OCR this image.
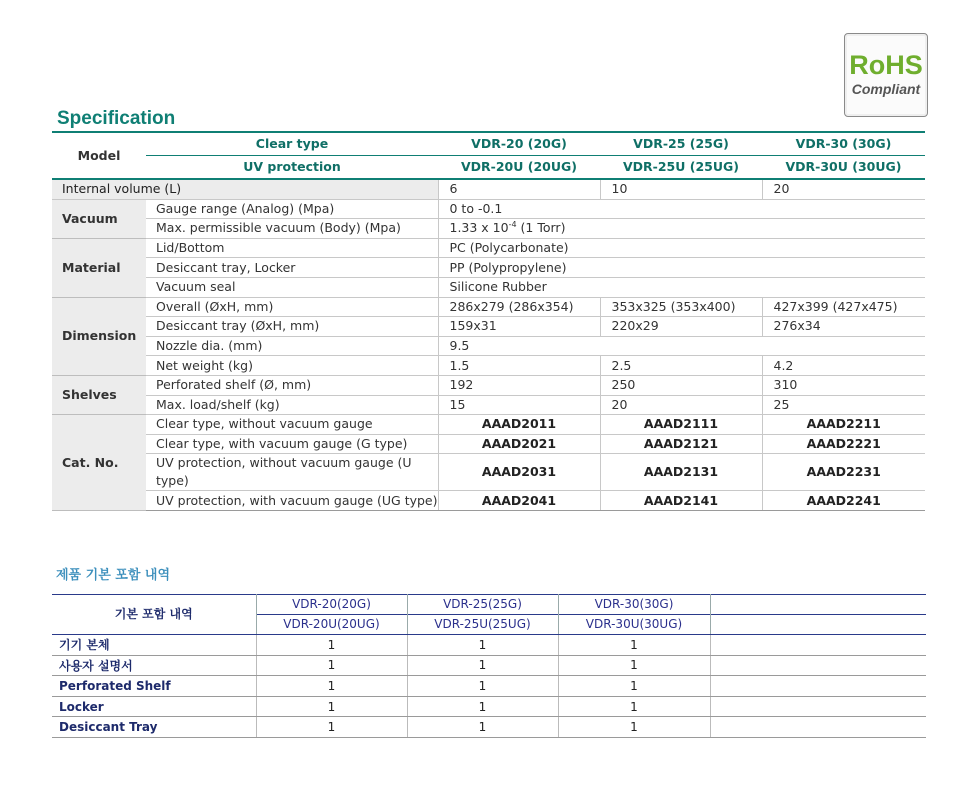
RoHS
Compliant
Specification
Model	Clear type	VDR-20 (20G)	VDR-25 (25G)	VDR-30 (30G)
	UV protection	VDR-20U (20UG)	VDR-25U (25UG)	VDR-30U (30UG)
Internal volume (L)		6	10	20
Vacuum	Gauge range (Analog) (Mpa)	0 to -0.1		
	Max. permissible vacuum (Body) (Mpa)	1.33 x $10^{-4}$ (1 Torr)		
Material	Lid/Bottom	PC (Polycarbonate)		
	Desiccant tray, Locker	PP (Polypropylene)		
	Vacuum seal	Silicone Rubber		
Dimension	Overall (ØxH, mm)	286x279 (286x354)	353x325 (353x400)	427x399 (427x475)
	Desiccant tray (ØxH, mm)	159x31	220x29	276x34
	Nozzle dia. (mm)	9.5		
	Net weight (kg)	1.5	2.5	4.2
Shelves	Perforated shelf (Ø, mm)	192	250	310
	Max. load/shelf (kg)	15	20	25
Cat. No.	Clear type, without vacuum gauge	AAAD2011	AAAD2111	AAAD2211
	Clear type, with vacuum gauge (G type)	AAAD2021	AAAD2121	AAAD2221
	UV protection, without vacuum gauge (U type)	AAAD2031	AAAD2131	AAAD2231
	UV protection, with vacuum gauge (UG type)	AAAD2041	AAAD2141	AAAD2241
제품 기본 포함 내역
기본 포함 내역	VDR-20(20G)	VDR-25(25G)	VDR-30(30G)	
	VDR-20U(20UG)	VDR-25U(25UG)	VDR-30U(30UG)	
기기 본체	1	1	1	
사용자 설명서	1	1	1	
Perforated Shelf	1	1	1	
Locker	1	1	1	
Desiccant Tray	1	1	1	
